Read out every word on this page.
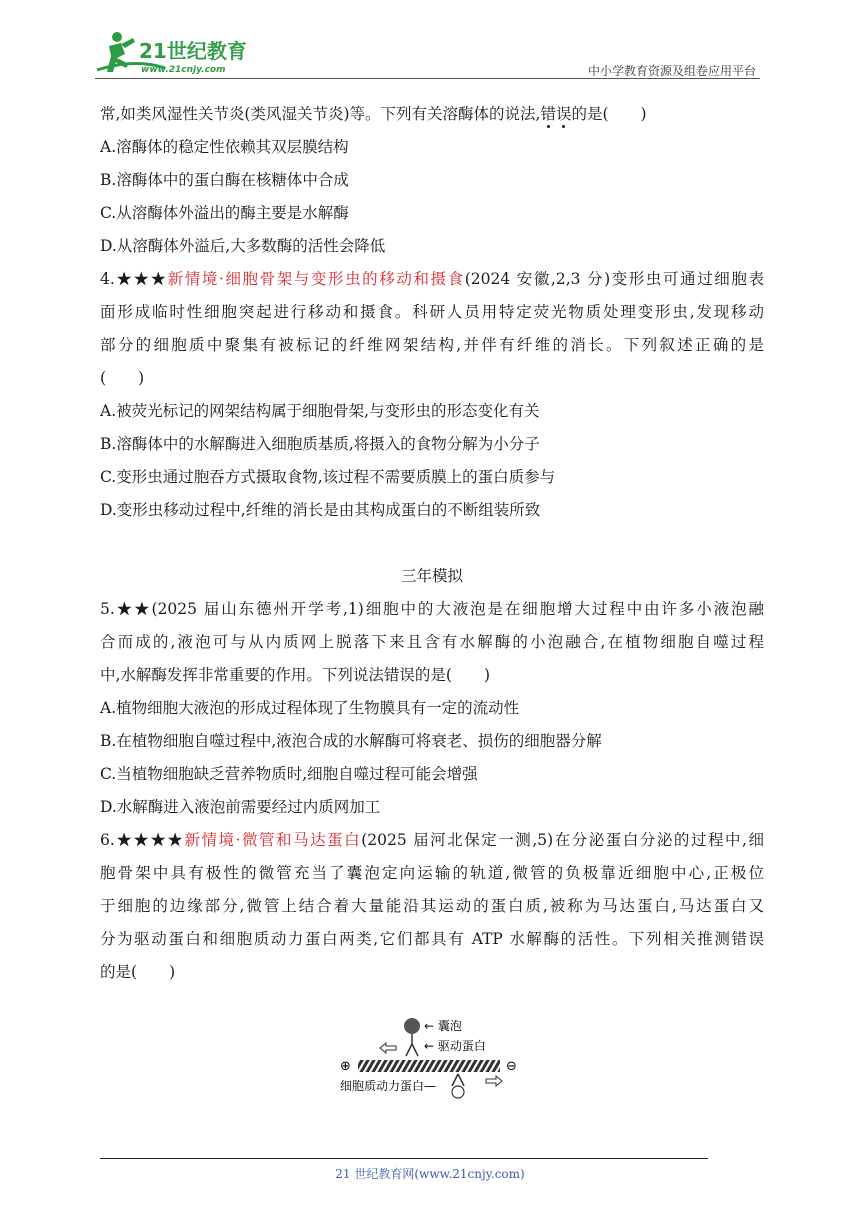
21世纪教育
www.21cnjy.com	中小学教育资源及组卷应用平台
常,如类风湿性关节炎(类风湿关节炎)等。下列有关溶酶体的说法,错误的是( )
A.溶酶体的稳定性依赖其双层膜结构
B.溶酶体中的蛋白酶在核糖体中合成
C.从溶酶体外溢出的酶主要是水解酶
D.从溶酶体外溢后,大多数酶的活性会降低
4.★★★新情境·细胞骨架与变形虫的移动和摄食(2024 安徽,2,3 分)变形虫可通过细胞表
面形成临时性细胞突起进行移动和摄食。科研人员用特定荧光物质处理变形虫,发现移动
部分的细胞质中聚集有被标记的纤维网架结构,并伴有纤维的消长。下列叙述正确的是
( )
A.被荧光标记的网架结构属于细胞骨架,与变形虫的形态变化有关
B.溶酶体中的水解酶进入细胞质基质,将摄入的食物分解为小分子
C.变形虫通过胞吞方式摄取食物,该过程不需要质膜上的蛋白质参与
D.变形虫移动过程中,纤维的消长是由其构成蛋白的不断组装所致
三年模拟
5.★★(2025 届山东德州开学考,1)细胞中的大液泡是在细胞增大过程中由许多小液泡融
合而成的,液泡可与从内质网上脱落下来且含有水解酶的小泡融合,在植物细胞自噬过程
中,水解酶发挥非常重要的作用。下列说法错误的是( )
A.植物细胞大液泡的形成过程体现了生物膜具有一定的流动性
B.在植物细胞自噬过程中,液泡合成的水解酶可将衰老、损伤的细胞器分解
C.当植物细胞缺乏营养物质时,细胞自噬过程可能会增强
D.水解酶进入液泡前需要经过内质网加工
6.★★★★新情境·微管和马达蛋白(2025 届河北保定一测,5)在分泌蛋白分泌的过程中,细
胞骨架中具有极性的微管充当了囊泡定向运输的轨道,微管的负极靠近细胞中心,正极位
于细胞的边缘部分,微管上结合着大量能沿其运动的蛋白质,被称为马达蛋白,马达蛋白又
分为驱动蛋白和细胞质动力蛋白两类,它们都具有 ATP 水解酶的活性。下列相关推测错误
的是( )
← 囊泡
← 驱动蛋白
⊕	⊖
细胞质动力蛋白—
21 世纪教育网(www.21cnjy.com)
